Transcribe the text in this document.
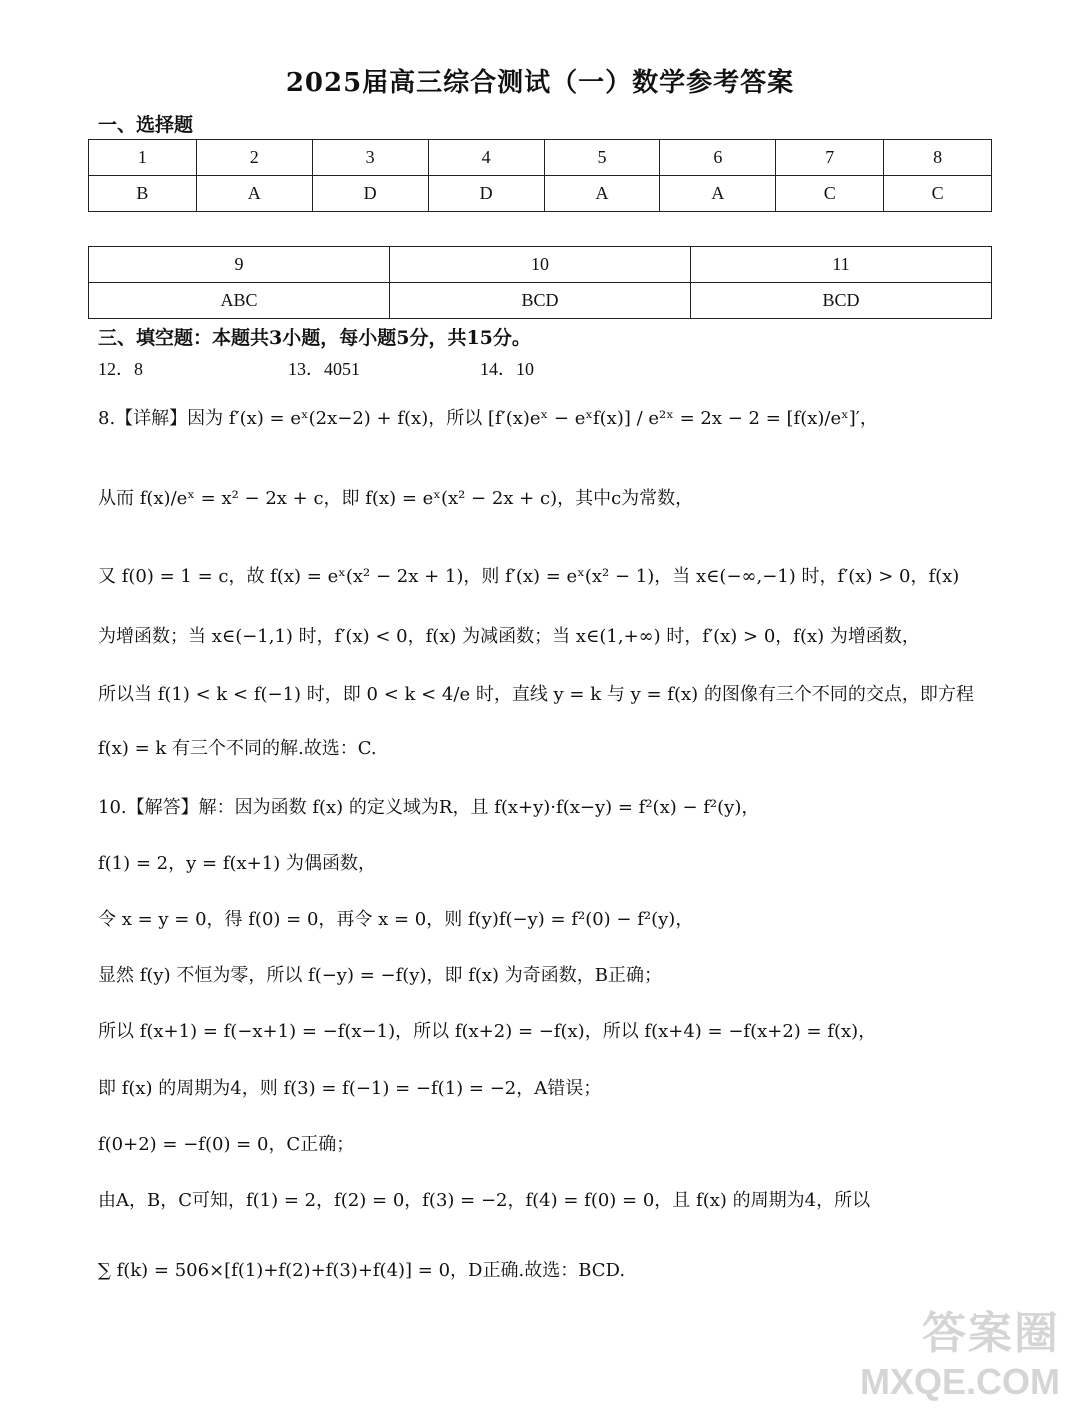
2025届高三综合测试（一）数学参考答案
一、选择题
1	2	3	4	5	6	7	8
B	A	D	D	A	A	C	C
9	10	11
ABC	BCD	BCD
三、填空题：本题共3小题，每小题5分，共15分。
12．8	13．4051	14．10
8.【详解】因为 f′(x) = eˣ(2x−2) + f(x)，所以 [f′(x)eˣ − eˣf(x)] / e²ˣ = 2x − 2 = [f(x)/eˣ]′，
从而 f(x)/eˣ = x² − 2x + c，即 f(x) = eˣ(x² − 2x + c)，其中c为常数，
又 f(0) = 1 = c，故 f(x) = eˣ(x² − 2x + 1)，则 f′(x) = eˣ(x² − 1)，当 x∈(−∞,−1) 时，f′(x) > 0，f(x)
为增函数；当 x∈(−1,1) 时，f′(x) < 0，f(x) 为减函数；当 x∈(1,+∞) 时，f′(x) > 0，f(x) 为增函数，
所以当 f(1) < k < f(−1) 时，即 0 < k < 4/e 时，直线 y = k 与 y = f(x) 的图像有三个不同的交点，即方程
f(x) = k 有三个不同的解.故选：C.
10.【解答】解：因为函数 f(x) 的定义域为R，且 f(x+y)·f(x−y) = f²(x) − f²(y)，
f(1) = 2，y = f(x+1) 为偶函数，
令 x = y = 0，得 f(0) = 0，再令 x = 0，则 f(y)f(−y) = f²(0) − f²(y)，
显然 f(y) 不恒为零，所以 f(−y) = −f(y)，即 f(x) 为奇函数，B正确；
所以 f(x+1) = f(−x+1) = −f(x−1)，所以 f(x+2) = −f(x)，所以 f(x+4) = −f(x+2) = f(x)，
即 f(x) 的周期为4，则 f(3) = f(−1) = −f(1) = −2，A错误；
f(0+2) = −f(0) = 0，C正确；
由A，B，C可知，f(1) = 2，f(2) = 0，f(3) = −2，f(4) = f(0) = 0，且 f(x) 的周期为4，所以
∑ f(k) = 506×[f(1)+f(2)+f(3)+f(4)] = 0，D正确.故选：BCD.
答案圈
MXQE.COM
